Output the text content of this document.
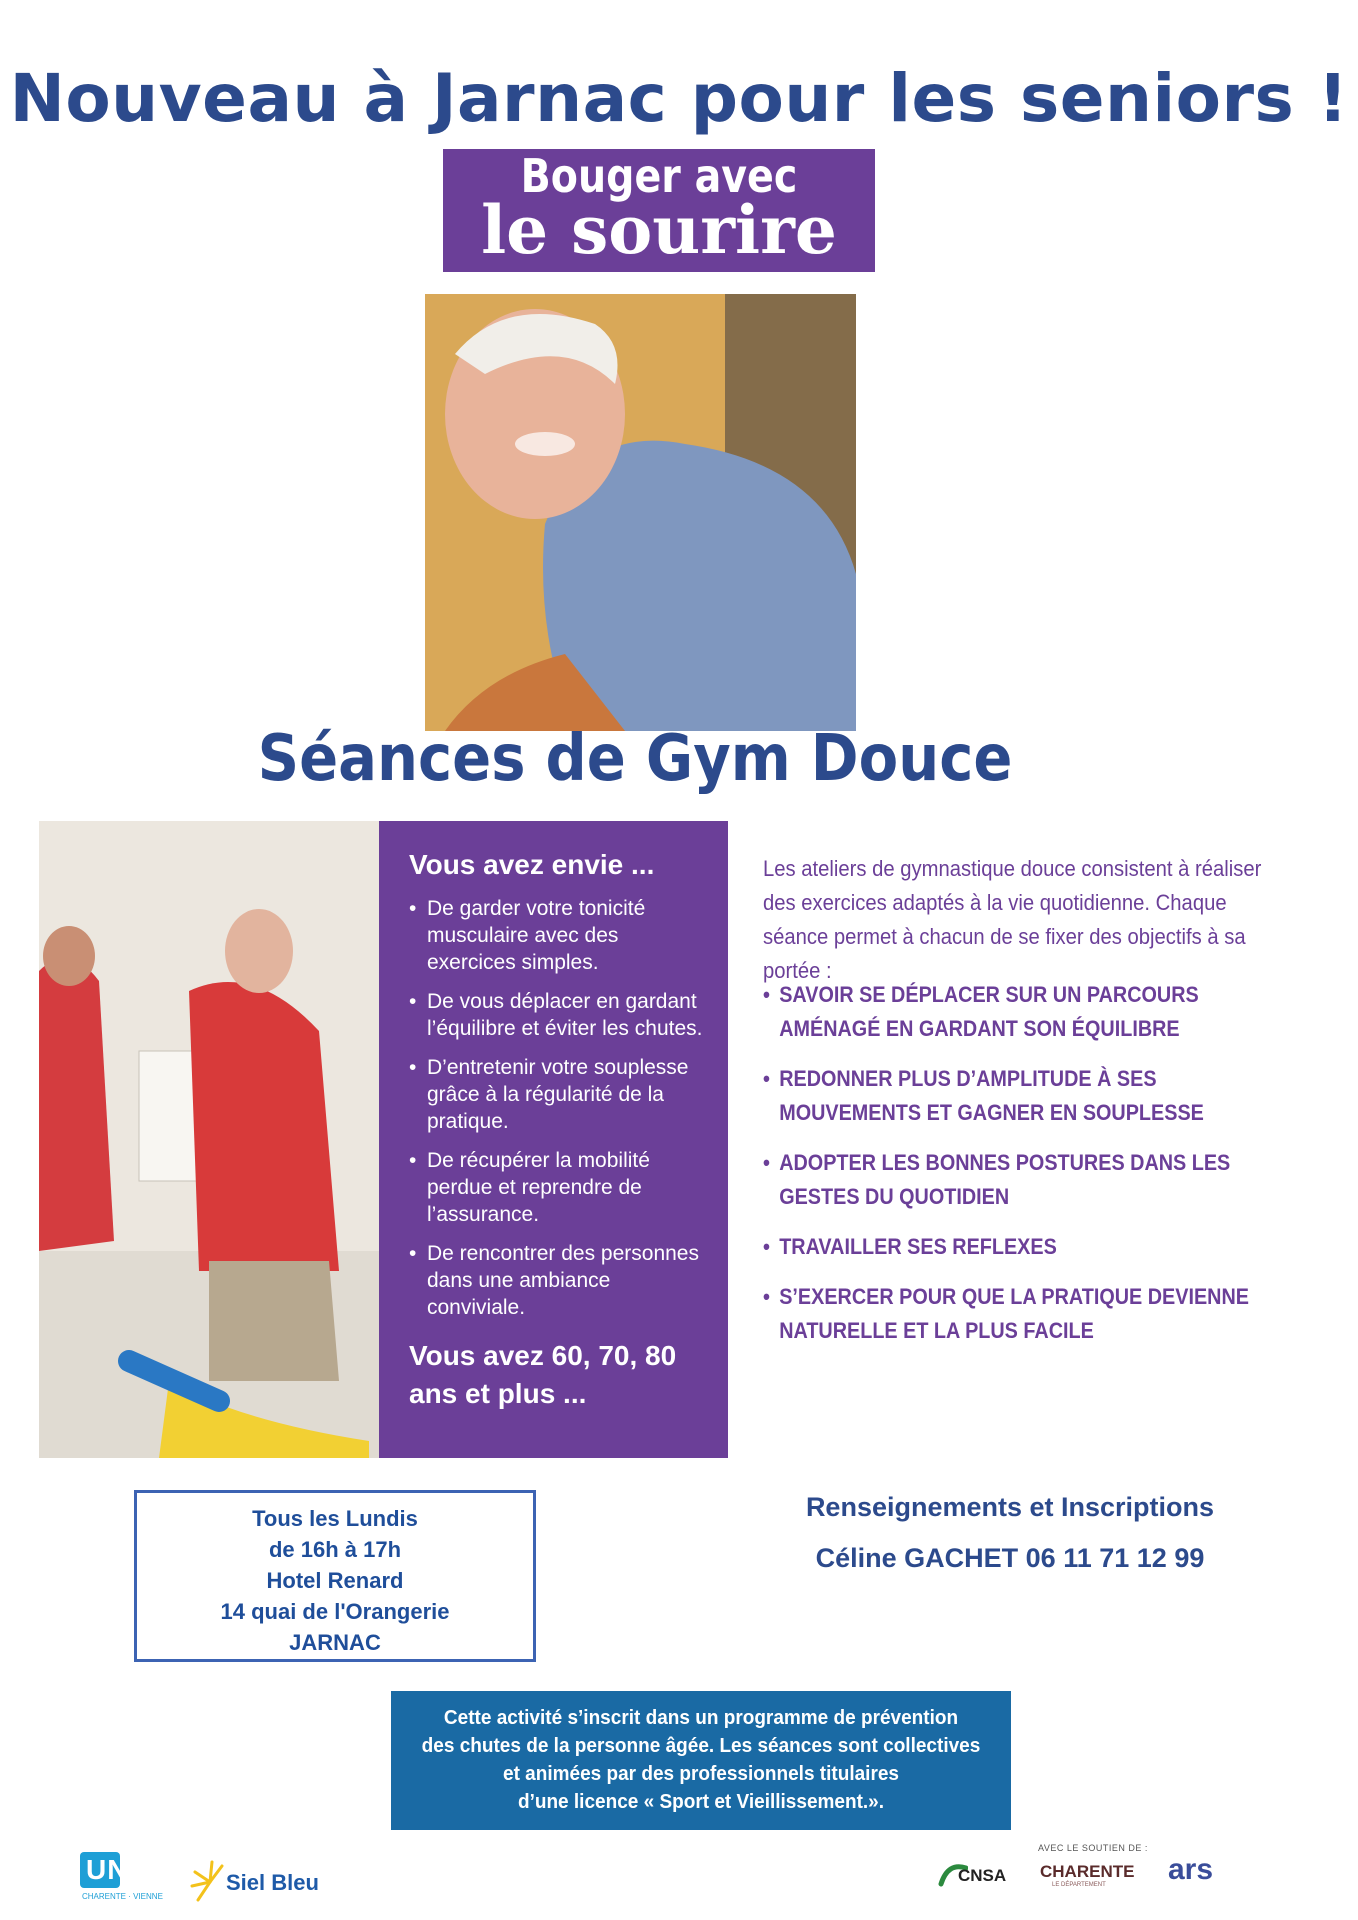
Nouveau à Jarnac pour les seniors !
Bouger avec
le sourire
Séances de Gym Douce
Vous avez envie ...
• De garder votre tonicité musculaire avec des exercices simples.
• De vous déplacer en gardant l’équilibre et éviter les chutes.
• D’entretenir votre souplesse grâce à la régularité de la pratique.
• De récupérer la mobilité perdue et reprendre de l’assurance.
• De rencontrer des personnes dans une ambiance conviviale.
Vous avez 60, 70, 80 ans et plus ...
Les ateliers de gymnastique douce consistent à réaliser des exercices adaptés à la vie quotidienne. Chaque séance permet à chacun de se fixer des objectifs à sa portée :
• SAVOIR SE DÉPLACER SUR UN PARCOURS AMÉNAGÉ EN GARDANT SON ÉQUILIBRE
• REDONNER PLUS D’AMPLITUDE À SES MOUVEMENTS ET GAGNER EN SOUPLESSE
• ADOPTER LES BONNES POSTURES DANS LES GESTES DU QUOTIDIEN
• TRAVAILLER SES REFLEXES
• S’EXERCER POUR QUE LA PRATIQUE DEVIENNE NATURELLE ET LA PLUS FACILE
Tous les Lundis
de 16h à 17h
Hotel Renard
14 quai de l'Orangerie
JARNAC
Renseignements et Inscriptions
Céline GACHET 06 11 71 12 99
Cette activité s’inscrit dans un programme de prévention
des chutes de la personne âgée. Les séances sont collectives
et animées par des professionnels titulaires
d’une licence « Sport et Vieillissement.».
UNA
CHARENTE · VIENNE
Siel Bleu
AVEC LE SOUTIEN DE :
CNSA CHARENTE
LE DÉPARTEMENT ars
